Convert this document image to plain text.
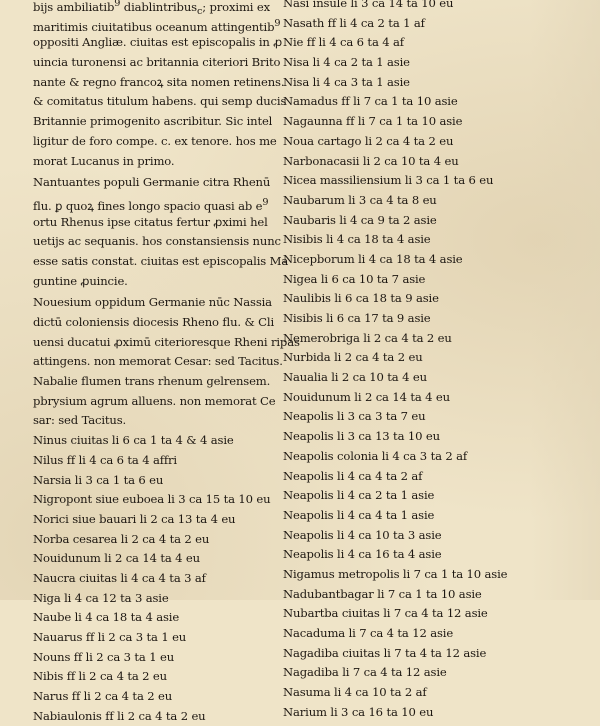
bijs ambiliatib$^9$ diablintribus$_c$; proximi ex
maritimis ciuitatibus oceanum attingentib$^9$
oppositi Angliæ. ciuitas est episcopalis in ꝓ
uincia turonensi ac britannia citeriori Brito
nante & regno francoꝝ sita nomen retinens.
& comitatus titulum habens. qui semp ducis
Britannie primogenito ascribitur. Sic intel
ligitur de foro compe. c. ex tenore. hos me
morat Lucanus in primo.
Nantuantes populi Germanie citra Rhenū
flu. ꝑ quoꝝ fines longo spacio quasi ab $e^9$
ortu Rhenus ipse citatus fertur ꝓximi hel
uetijs ac sequanis. hos constansiensis nunc
esse satis constat. ciuitas est episcopalis Ma
guntine ꝓuincie.
Nouesium oppidum Germanie nūc Nassia
dictū coloniensis diocesis Rheno flu. & Cli
uensi ducatui ꝓximū citerioresque Rheni ripas
attingens. non memorat Cesar: sed Tacitus.
Nabalie flumen trans rhenum gelrensem.
pbrysium agrum alluens. non memorat Ce
sar: sed Tacitus.
Ninus ciuitas li 6 ca 1 ta 4 & 4 asie
Nilus ff li 4 ca 6 ta 4 affri
Narsia li 3 ca 1 ta 6 eu
Nigropont siue euboea li 3 ca 15 ta 10 eu
Norici siue bauari li 2 ca 13 ta 4 eu
Norba cesarea li 2 ca 4 ta 2 eu
Nouidunum li 2 ca 14 ta 4 eu
Naucra ciuitas li 4 ca 4 ta 3 af
Niga li 4 ca 12 ta 3 asie
Naube li 4 ca 18 ta 4 asie
Nauarus ff li 2 ca 3 ta 1 eu
Nouns ff li 2 ca 3 ta 1 eu
Nibis ff li 2 ca 4 ta 2 eu
Narus ff li 2 ca 4 ta 2 eu
Nabiaulonis ff li 2 ca 4 ta 2 eu
Nasi insule li 3 ca 14 ta 10 eu
Nasath ff li 4 ca 2 ta 1 af
Nie ff li 4 ca 6 ta 4 af
Nisa li 4 ca 2 ta 1 asie
Nisa li 4 ca 3 ta 1 asie
Namadus ff li 7 ca 1 ta 10 asie
Nagaunna ff li 7 ca 1 ta 10 asie
Noua cartago li 2 ca 4 ta 2 eu
Narbonacasii li 2 ca 10 ta 4 eu
Nicea massiliensium li 3 ca 1 ta 6 eu
Naubarum li 3 ca 4 ta 8 eu
Naubaris li 4 ca 9 ta 2 asie
Nisibis li 4 ca 18 ta 4 asie
Nicepborum li 4 ca 18 ta 4 asie
Nigea li 6 ca 10 ta 7 asie
Naulibis li 6 ca 18 ta 9 asie
Nisibis li 6 ca 17 ta 9 asie
Nemerobriga li 2 ca 4 ta 2 eu
Nurbida li 2 ca 4 ta 2 eu
Naualia li 2 ca 10 ta 4 eu
Nouidunum li 2 ca 14 ta 4 eu
Neapolis li 3 ca 3 ta 7 eu
Neapolis li 3 ca 13 ta 10 eu
Neapolis colonia li 4 ca 3 ta 2 af
Neapolis li 4 ca 4 ta 2 af
Neapolis li 4 ca 2 ta 1 asie
Neapolis li 4 ca 4 ta 1 asie
Neapolis li 4 ca 10 ta 3 asie
Neapolis li 4 ca 16 ta 4 asie
Nigamus metropolis li 7 ca 1 ta 10 asie
Nadubantbagar li 7 ca 1 ta 10 asie
Nubartba ciuitas li 7 ca 4 ta 12 asie
Nacaduma li 7 ca 4 ta 12 asie
Nagadiba ciuitas li 7 ta 4 ta 12 asie
Nagadiba li 7 ca 4 ta 12 asie
Nasuma li 4 ca 10 ta 2 af
Narium li 3 ca 16 ta 10 eu
